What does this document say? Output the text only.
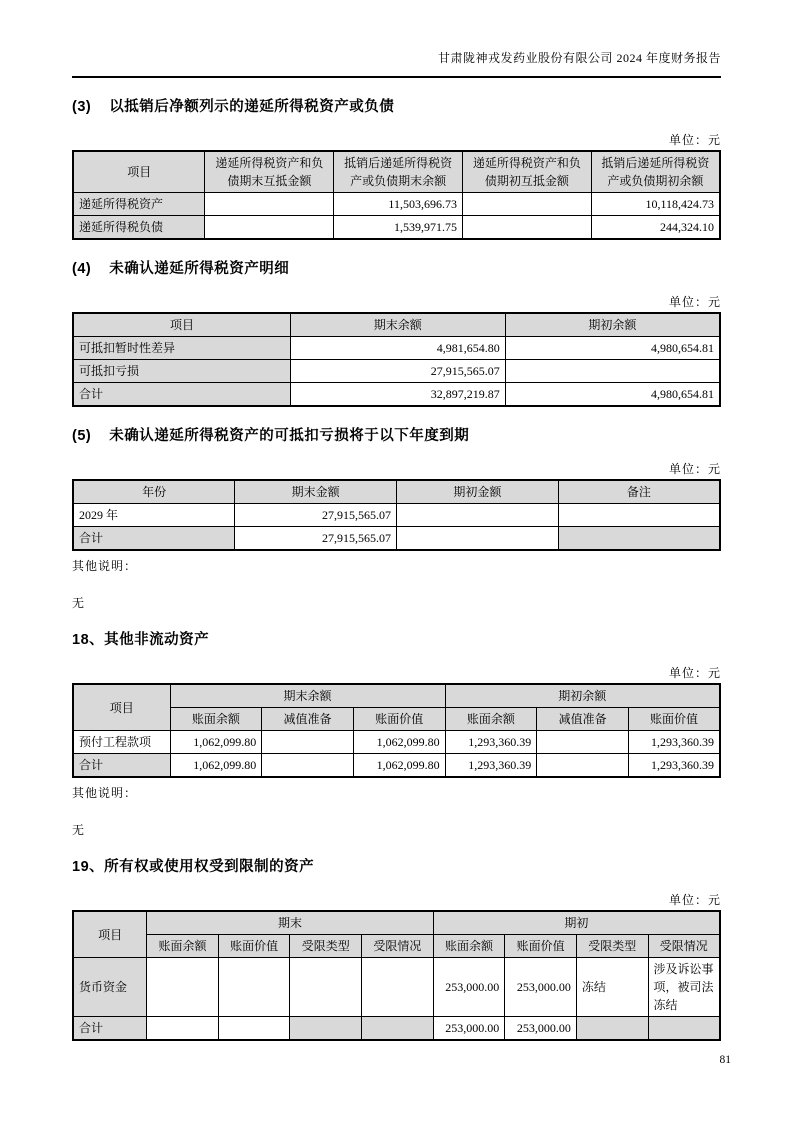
甘肃陇神戎发药业股份有限公司 2024 年度财务报告
(3) 以抵销后净额列示的递延所得税资产或负债
单位：元
项目	递延所得税资产和负债期末互抵金额	抵销后递延所得税资产或负债期末余额	递延所得税资产和负债期初互抵金额	抵销后递延所得税资产或负债期初余额
递延所得税资产		11,503,696.73		10,118,424.73
递延所得税负债		1,539,971.75		244,324.10
(4) 未确认递延所得税资产明细
单位：元
项目	期末余额	期初余额
可抵扣暂时性差异	4,981,654.80	4,980,654.81
可抵扣亏损	27,915,565.07	
合计	32,897,219.87	4,980,654.81
(5) 未确认递延所得税资产的可抵扣亏损将于以下年度到期
单位：元
年份	期末金额	期初金额	备注
2029 年	27,915,565.07		
合计	27,915,565.07		
其他说明：
无
18、其他非流动资产
单位：元
项目	期末余额			期初余额		
	账面余额	减值准备	账面价值	账面余额	减值准备	账面价值
预付工程款项	1,062,099.80		1,062,099.80	1,293,360.39		1,293,360.39
合计	1,062,099.80		1,062,099.80	1,293,360.39		1,293,360.39
其他说明：
无
19、所有权或使用权受到限制的资产
单位：元
项目	期末				期初			
	账面余额	账面价值	受限类型	受限情况	账面余额	账面价值	受限类型	受限情况
货币资金					253,000.00	253,000.00	冻结	涉及诉讼事项，被司法冻结
合计					253,000.00	253,000.00		
81
